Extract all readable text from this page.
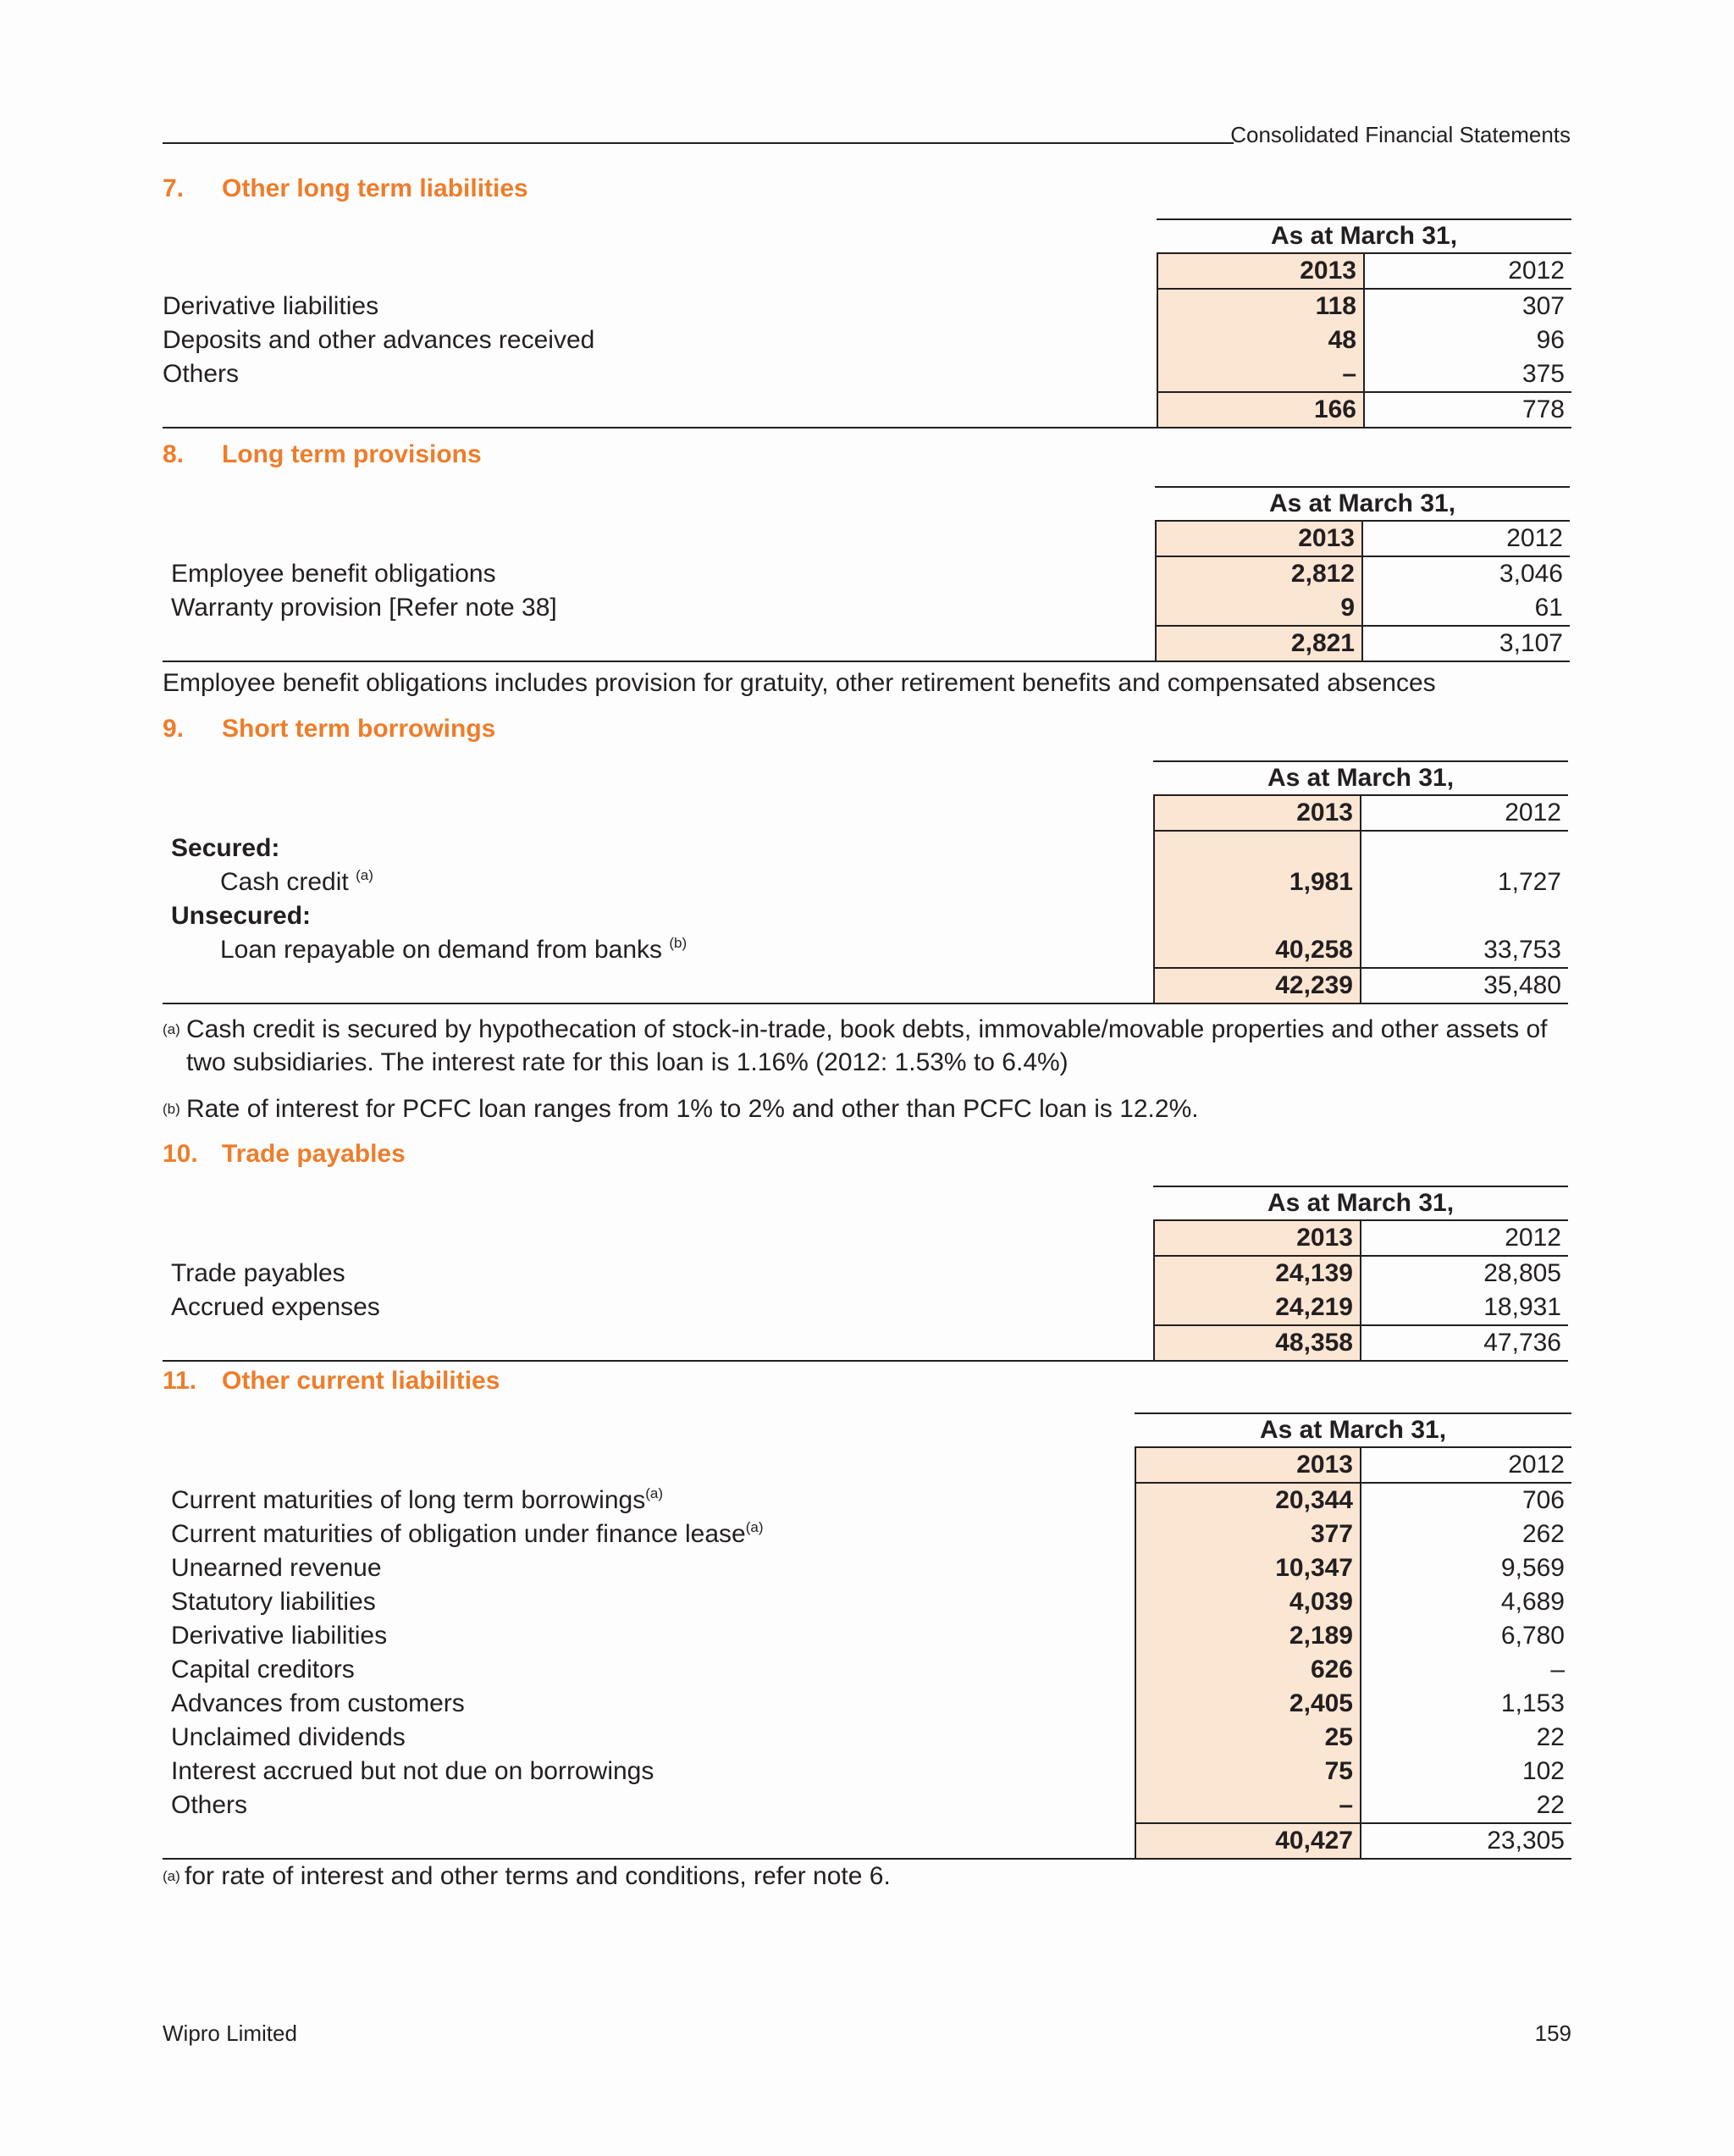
Consolidated Financial Statements
7. Other long term liabilities
As at March 31,
2013	2012
Derivative liabilities	118	307
Deposits and other advances received	48	96
Others	–	375
166	778
8. Long term provisions
As at March 31,
2013	2012
Employee benefit obligations	2,812	3,046
Warranty provision [Refer note 38]	9	61
2,821	3,107
Employee benefit obligations includes provision for gratuity, other retirement benefits and compensated absences
9. Short term borrowings
As at March 31,
2013	2012
Secured:
Cash credit $^{(a)}$	1,981	1,727
Unsecured:
Loan repayable on demand from banks $^{(b)}$	40,258	33,753
42,239	35,480
(a) Cash credit is secured by hypothecation of stock-in-trade, book debts, immovable/movable properties and other assets of two subsidiaries. The interest rate for this loan is 1.16% (2012: 1.53% to 6.4%)
(b) Rate of interest for PCFC loan ranges from 1% to 2% and other than PCFC loan is 12.2%.
10. Trade payables
As at March 31,
2013	2012
Trade payables	24,139	28,805
Accrued expenses	24,219	18,931
48,358	47,736
11. Other current liabilities
As at March 31,
2013	2012
Current maturities of long term borrowings$^{(a)}$	20,344	706
Current maturities of obligation under finance lease$^{(a)}$	377	262
Unearned revenue	10,347	9,569
Statutory liabilities	4,039	4,689
Derivative liabilities	2,189	6,780
Capital creditors	626	–
Advances from customers	2,405	1,153
Unclaimed dividends	25	22
Interest accrued but not due on borrowings	75	102
Others	–	22
40,427	23,305
(a) for rate of interest and other terms and conditions, refer note 6.
Wipro Limited	159
